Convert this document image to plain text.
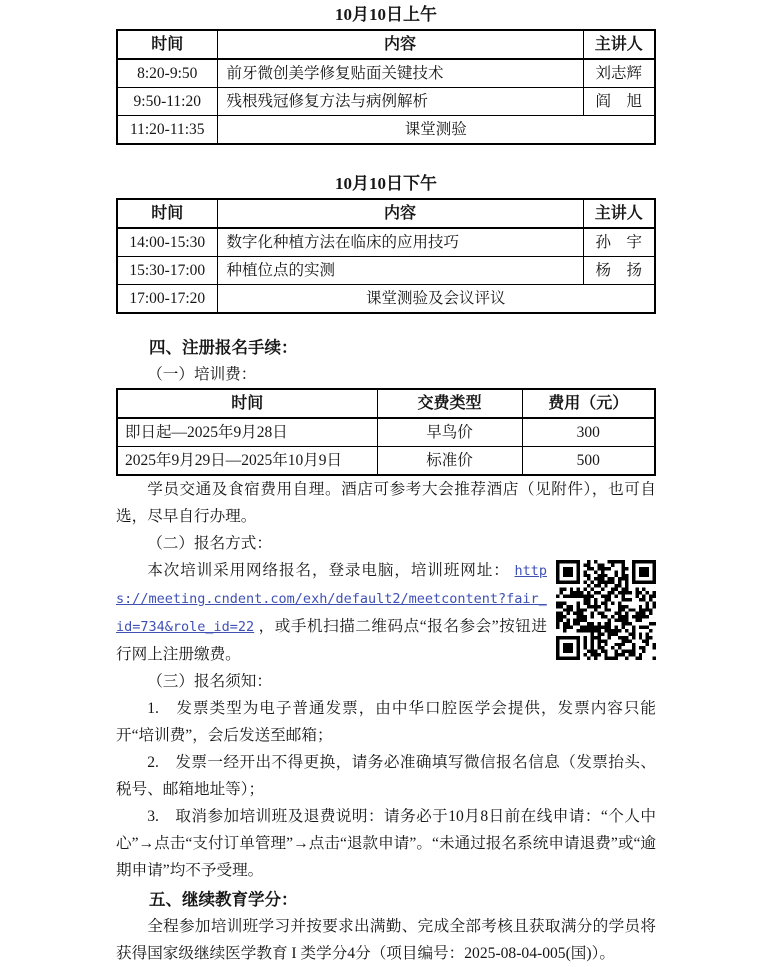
10月10日上午

时间	内容	主讲人
8:20-9:50	前牙微创美学修复贴面关键技术	刘志辉
9:50-11:20	残根残冠修复方法与病例解析	阎　旭
11:20-11:35	课堂测验	

10月10日下午

时间	内容	主讲人
14:00-15:30	数字化种植方法在临床的应用技巧	孙　宇
15:30-17:00	种植位点的实测	杨　扬
17:00-17:20	课堂测验及会议评议	

四、注册报名手续：

（一）培训费：

时间	交费类型	费用（元）
即日起—2025年9月28日	早鸟价	300
2025年9月29日—2025年10月9日	标准价	500

学员交通及食宿费用自理。酒店可参考大会推荐酒店（见附件），也可自选，尽早自行办理。

（二）报名方式：

本次培训采用网络报名，登录电脑，培训班网址： https://meeting.cndent.com/exh/default2/meetcontent?fair_id=734&role_id=22 ，或手机扫描二维码点“报名参会”按钮进行网上注册缴费。

（三）报名须知：

1.　发票类型为电子普通发票，由中华口腔医学会提供，发票内容只能开“培训费”，会后发送至邮箱；

2.　发票一经开出不得更换，请务必准确填写微信报名信息（发票抬头、税号、邮箱地址等）；

3.　取消参加培训班及退费说明：请务必于10月8日前在线申请：“个人中心”→点击“支付订单管理”→点击“退款申请”。“未通过报名系统申请退费”或“逾期申请”均不予受理。

五、继续教育学分：

全程参加培训班学习并按要求出满勤、完成全部考核且获取满分的学员将获得国家级继续医学教育 I 类学分4分（项目编号：2025-08-04-005(国)）。
